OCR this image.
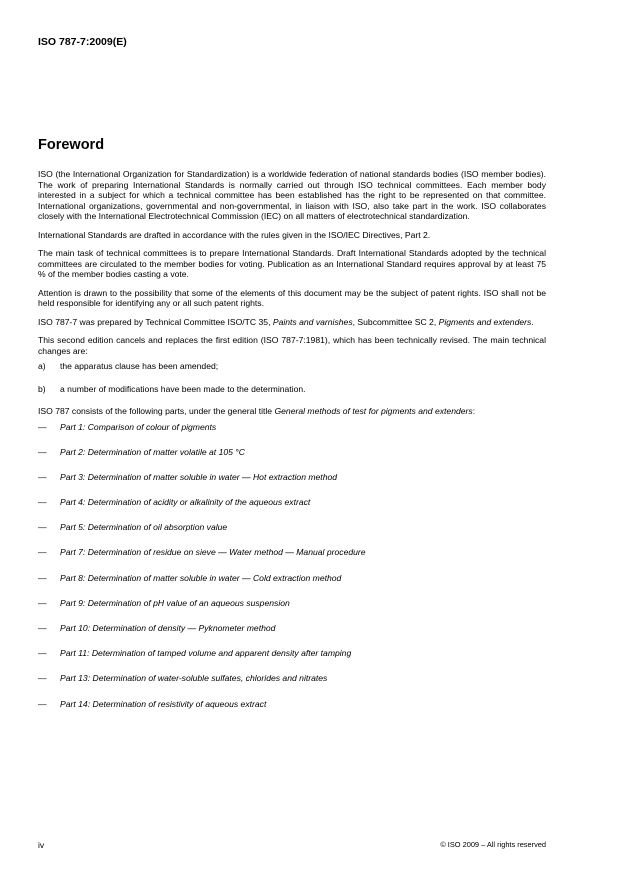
ISO 787-7:2009(E)
Foreword

ISO (the International Organization for Standardization) is a worldwide federation of national standards bodies (ISO member bodies). The work of preparing International Standards is normally carried out through ISO technical committees. Each member body interested in a subject for which a technical committee has been established has the right to be represented on that committee. International organizations, governmental and non-governmental, in liaison with ISO, also take part in the work. ISO collaborates closely with the International Electrotechnical Commission (IEC) on all matters of electrotechnical standardization.

International Standards are drafted in accordance with the rules given in the ISO/IEC Directives, Part 2.

The main task of technical committees is to prepare International Standards. Draft International Standards adopted by the technical committees are circulated to the member bodies for voting. Publication as an International Standard requires approval by at least 75 % of the member bodies casting a vote.

Attention is drawn to the possibility that some of the elements of this document may be the subject of patent rights. ISO shall not be held responsible for identifying any or all such patent rights.

ISO 787-7 was prepared by Technical Committee ISO/TC 35, Paints and varnishes, Subcommittee SC 2, Pigments and extenders.

This second edition cancels and replaces the first edition (ISO 787-7:1981), which has been technically revised. The main technical changes are:

a)	the apparatus clause has been amended;
b)	a number of modifications have been made to the determination.

ISO 787 consists of the following parts, under the general title General methods of test for pigments and extenders:

—	Part 1: Comparison of colour of pigments
—	Part 2: Determination of matter volatile at 105 °C
—	Part 3: Determination of matter soluble in water — Hot extraction method
—	Part 4: Determination of acidity or alkalinity of the aqueous extract
—	Part 5: Determination of oil absorption value
—	Part 7: Determination of residue on sieve — Water method — Manual procedure
—	Part 8: Determination of matter soluble in water — Cold extraction method
—	Part 9: Determination of pH value of an aqueous suspension
—	Part 10: Determination of density — Pyknometer method
—	Part 11: Determination of tamped volume and apparent density after tamping
—	Part 13: Determination of water-soluble sulfates, chlorides and nitrates
—	Part 14: Determination of resistivity of aqueous extract
iv	© ISO 2009 – All rights reserved
